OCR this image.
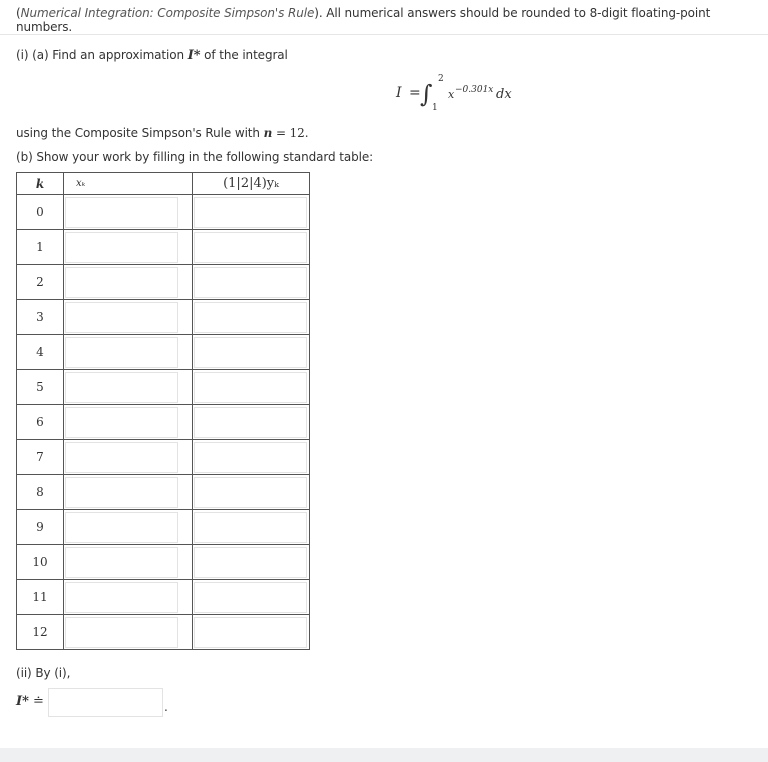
(Numerical Integration: Composite Simpson's Rule). All numerical answers should be rounded to 8-digit floating-point numbers.
(i) (a) Find an approximation I* of the integral
I = ∫
2
1
x −0.301x dx
using the Composite Simpson's Rule with n = 12.
(b) Show your work by filling in the following standard table:
k	xₖ	(1|2|4)yₖ
0		
1		
2		
3		
4		
5		
6		
7		
8		
9		
10		
11		
12		
(ii) By (i),
I* ≐	.
